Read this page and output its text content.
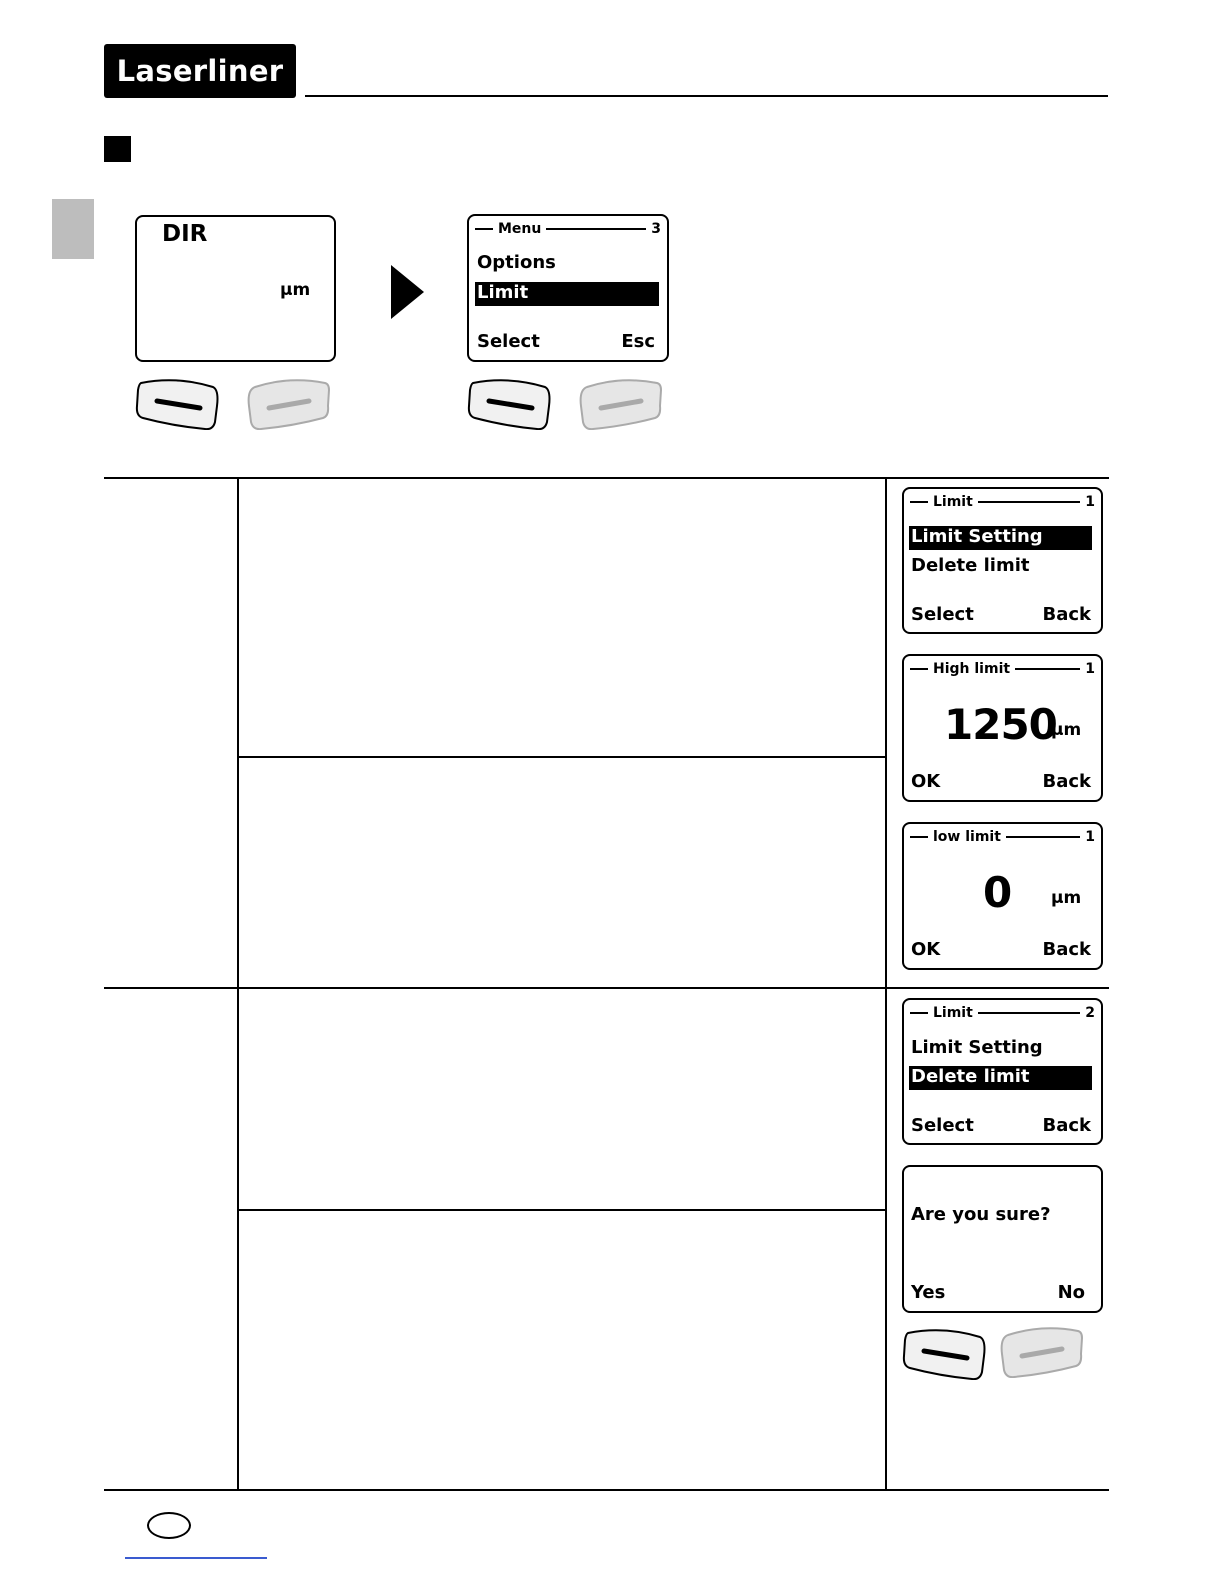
Laserliner
DIR
µm
Menu	3
Options
Limit
Select	Esc
Limit	1
Limit Setting
Delete limit
Select	Back
High limit	1
1250
µm
OK	Back
low limit	1
0 µm
OK	Back
Limit	2
Limit Setting
Delete limit
Select	Back
Are you sure?
Yes	No
